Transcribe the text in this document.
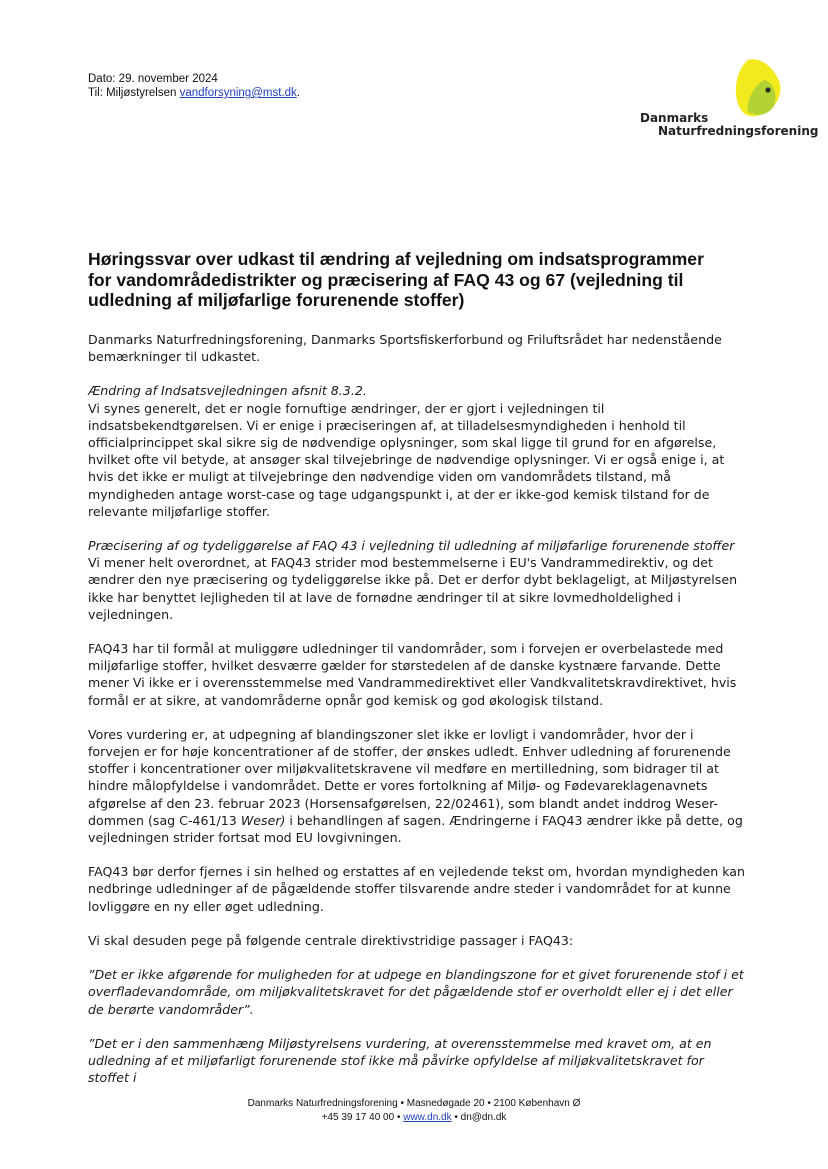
Dato: 29. november 2024
Til: Miljøstyrelsen vandforsyning@mst.dk.
Danmarks
Naturfredningsforening
Høringssvar over udkast til ændring af vejledning om indsatsprogrammer for vandområdedistrikter og præcisering af FAQ 43 og 67 (vejledning til udledning af miljøfarlige forurenende stoffer)

Danmarks Naturfredningsforening, Danmarks Sportsfiskerforbund og Friluftsrådet har nedenstående bemærkninger til udkastet.

Ændring af Indsatsvejledningen afsnit 8.3.2.
Vi synes generelt, det er nogle fornuftige ændringer, der er gjort i vejledningen til indsatsbekendtgørelsen. Vi er enige i præciseringen af, at tilladelsesmyndigheden i henhold til officialprincippet skal sikre sig de nødvendige oplysninger, som skal ligge til grund for en afgørelse, hvilket ofte vil betyde, at ansøger skal tilvejebringe de nødvendige oplysninger. Vi er også enige i, at hvis det ikke er muligt at tilvejebringe den nødvendige viden om vandområdets tilstand, må myndigheden antage worst-case og tage udgangspunkt i, at der er ikke-god kemisk tilstand for de relevante miljøfarlige stoffer.

Præcisering af og tydeliggørelse af FAQ 43 i vejledning til udledning af miljøfarlige forurenende stoffer
Vi mener helt overordnet, at FAQ43 strider mod bestemmelserne i EU's Vandrammedirektiv, og det ændrer den nye præcisering og tydeliggørelse ikke på. Det er derfor dybt beklageligt, at Miljøstyrelsen ikke har benyttet lejligheden til at lave de fornødne ændringer til at sikre lovmedholdelighed i vejledningen.

FAQ43 har til formål at muliggøre udledninger til vandområder, som i forvejen er overbelastede med miljøfarlige stoffer, hvilket desværre gælder for størstedelen af de danske kystnære farvande. Dette mener Vi ikke er i overensstemmelse med Vandrammedirektivet eller Vandkvalitetskravdirektivet, hvis formål er at sikre, at vandområderne opnår god kemisk og god økologisk tilstand.

Vores vurdering er, at udpegning af blandingszoner slet ikke er lovligt i vandområder, hvor der i forvejen er for høje koncentrationer af de stoffer, der ønskes udledt. Enhver udledning af forurenende stoffer i koncentrationer over miljøkvalitetskravene vil medføre en mertilledning, som bidrager til at hindre målopfyldelse i vandområdet. Dette er vores fortolkning af Miljø- og Fødevareklagenavnets afgørelse af den 23. februar 2023 (Horsensafgørelsen, 22/02461), som blandt andet inddrog Weser-dommen (sag C-461/13 Weser) i behandlingen af sagen. Ændringerne i FAQ43 ændrer ikke på dette, og vejledningen strider fortsat mod EU lovgivningen.

FAQ43 bør derfor fjernes i sin helhed og erstattes af en vejledende tekst om, hvordan myndigheden kan nedbringe udledninger af de pågældende stoffer tilsvarende andre steder i vandområdet for at kunne lovliggøre en ny eller øget udledning.

Vi skal desuden pege på følgende centrale direktivstridige passager i FAQ43:

”Det er ikke afgørende for muligheden for at udpege en blandingszone for et givet forurenende stof i et overfladevandområde, om miljøkvalitetskravet for det pågældende stof er overholdt eller ej i det eller de berørte vandområder”.

”Det er i den sammenhæng Miljøstyrelsens vurdering, at overensstemmelse med kravet om, at en udledning af et miljøfarligt forurenende stof ikke må påvirke opfyldelse af miljøkvalitetskravet for stoffet i

Danmarks Naturfredningsforening • Masnedøgade 20 • 2100 København Ø
+45 39 17 40 00 • www.dn.dk • dn@dn.dk
